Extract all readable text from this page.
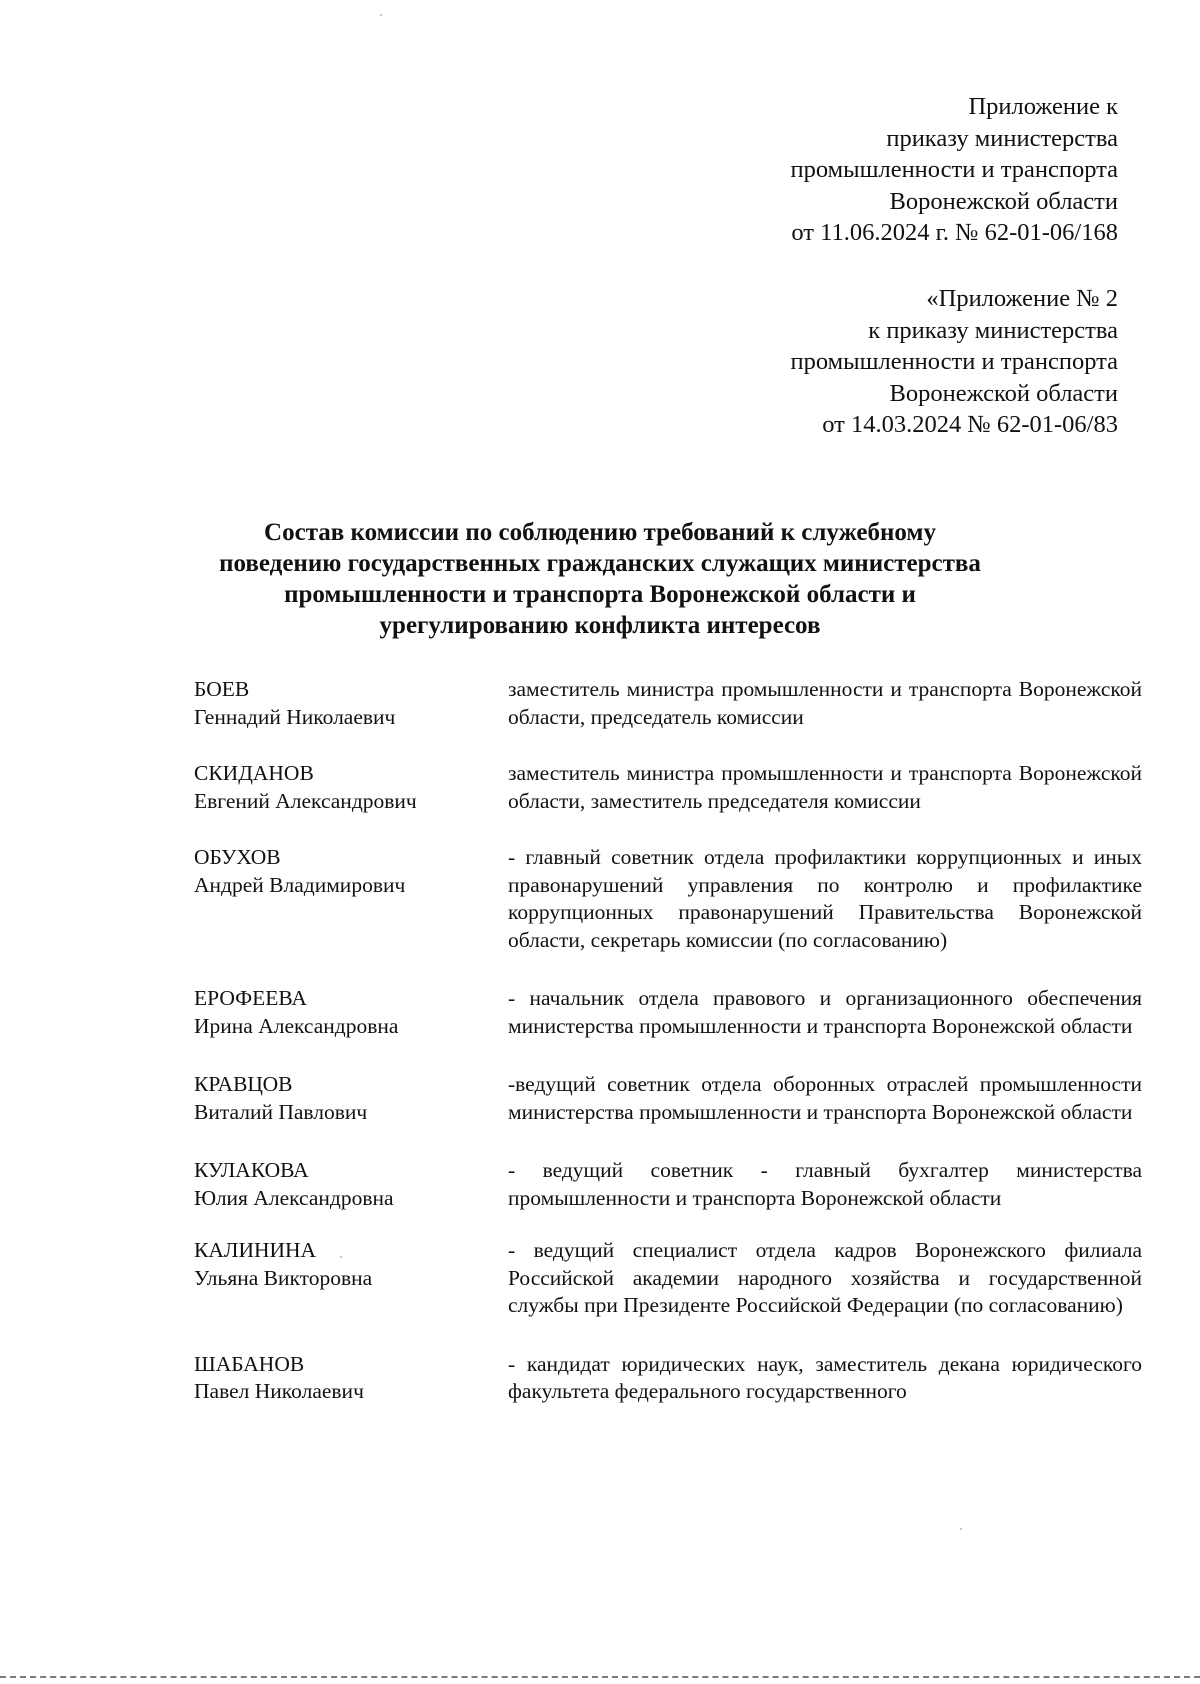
Приложение к
приказу министерства
промышленности и транспорта
Воронежской области
от 11.06.2024 г. № 62-01-06/168
«Приложение № 2
к приказу министерства
промышленности и транспорта
Воронежской области
от 14.03.2024 № 62-01-06/83
Состав комиссии по соблюдению требований к служебному
поведению государственных гражданских служащих министерства
промышленности и транспорта Воронежской области и
урегулированию конфликта интересов
БОЕВ
Геннадий Николаевич
заместитель министра промышленности и транспорта Воронежской области, председатель комиссии
СКИДАНОВ
Евгений Александрович
заместитель министра промышленности и транспорта Воронежской области, заместитель председателя комиссии
ОБУХОВ
Андрей Владимирович
- главный советник отдела профилактики коррупционных и иных правонарушений управления по контролю и профилактике коррупционных правонарушений Правительства Воронежской области, секретарь комиссии (по согласованию)
ЕРОФЕЕВА
Ирина Александровна
- начальник отдела правового и организационного обеспечения министерства промышленности и транспорта Воронежской области
КРАВЦОВ
Виталий Павлович
-ведущий советник отдела оборонных отраслей промышленности министерства промышленности и транспорта Воронежской области
КУЛАКОВА
Юлия Александровна
- ведущий советник - главный бухгалтер министерства промышленности и транспорта Воронежской области
КАЛИНИНА
Ульяна Викторовна
- ведущий специалист отдела кадров Воронежского филиала Российской академии народного хозяйства и государственной службы при Президенте Российской Федерации (по согласованию)
ШАБАНОВ
Павел Николаевич
- кандидат юридических наук, заместитель декана юридического факультета федерального государственного
